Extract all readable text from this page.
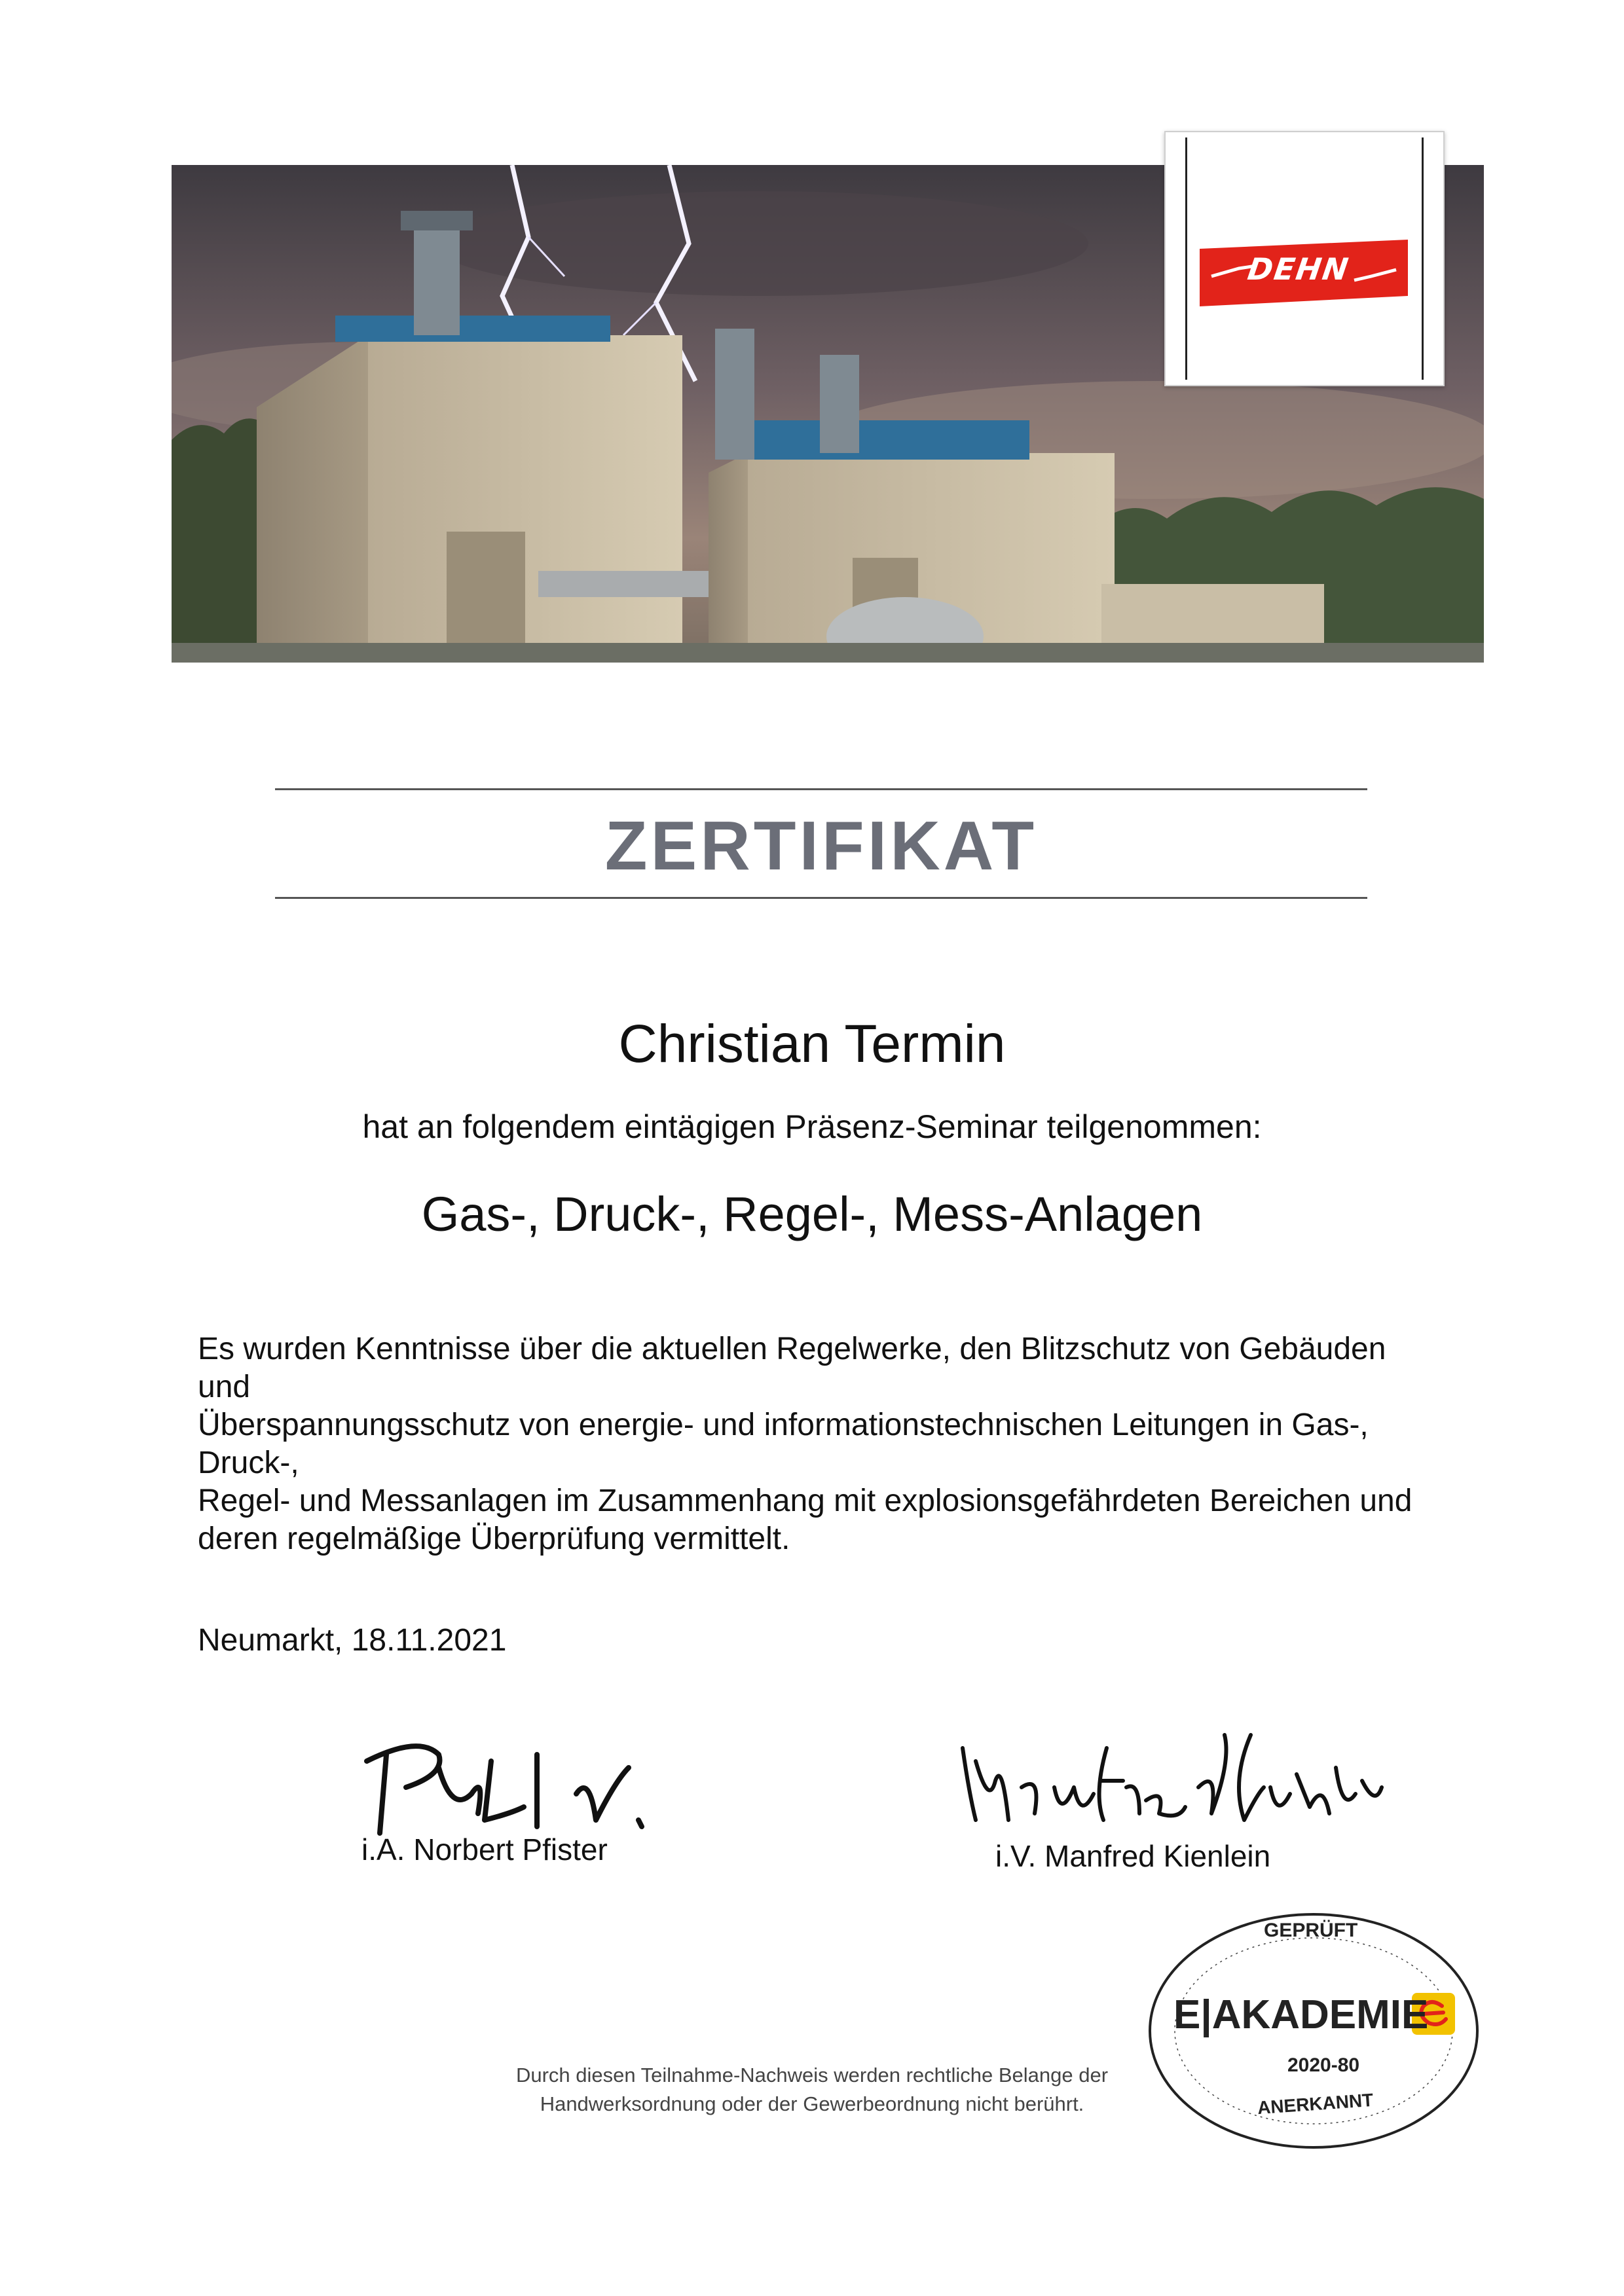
DEHN
ZERTIFIKAT
Christian Termin
hat an folgendem eintägigen Präsenz-Seminar teilgenommen:
Gas-, Druck-, Regel-, Mess-Anlagen
Es wurden Kenntnisse über die aktuellen Regelwerke, den Blitzschutz von Gebäuden und
Überspannungsschutz von energie- und informationstechnischen Leitungen in Gas-, Druck-,
Regel- und Messanlagen im Zusammenhang mit explosionsgefährdeten Bereichen und
deren regelmäßige Überprüfung vermittelt.
Neumarkt, 18.11.2021
i.A. Norbert Pfister	i.V. Manfred Kienlein
Durch diesen Teilnahme-Nachweis werden rechtliche Belange der
Handwerksordnung oder der Gewerbeordnung nicht berührt.
GEPRÜFT
E|AKADEMIE
2020-80
ANERKANNT
